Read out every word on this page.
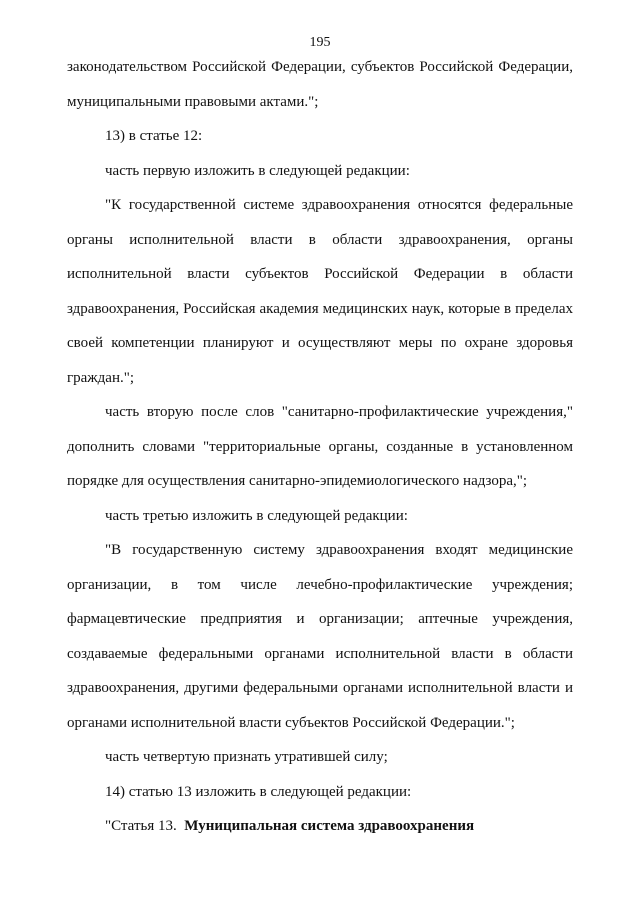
195

законодательством Российской Федерации, субъектов Российской Федерации, муниципальными правовыми актами.";

13) в статье 12:

часть первую изложить в следующей редакции:

"К государственной системе здравоохранения относятся федеральные органы исполнительной власти в области здравоохранения, органы исполнительной власти субъектов Российской Федерации в области здравоохранения, Российская академия медицинских наук, которые в пределах своей компетенции планируют и осуществляют меры по охране здоровья граждан.";

часть вторую после слов "санитарно-профилактические учреждения," дополнить словами "территориальные органы, созданные в установленном порядке для осуществления санитарно-эпидемиологического надзора,";

часть третью изложить в следующей редакции:

"В государственную систему здравоохранения входят медицинские организации, в том числе лечебно-профилактические учреждения; фармацевтические предприятия и организации; аптечные учреждения, создаваемые федеральными органами исполнительной власти в области здравоохранения, другими федеральными органами исполнительной власти и органами исполнительной власти субъектов Российской Федерации.";

часть четвертую признать утратившей силу;

14) статью 13 изложить в следующей редакции:

"Статья 13. Муниципальная система здравоохранения
